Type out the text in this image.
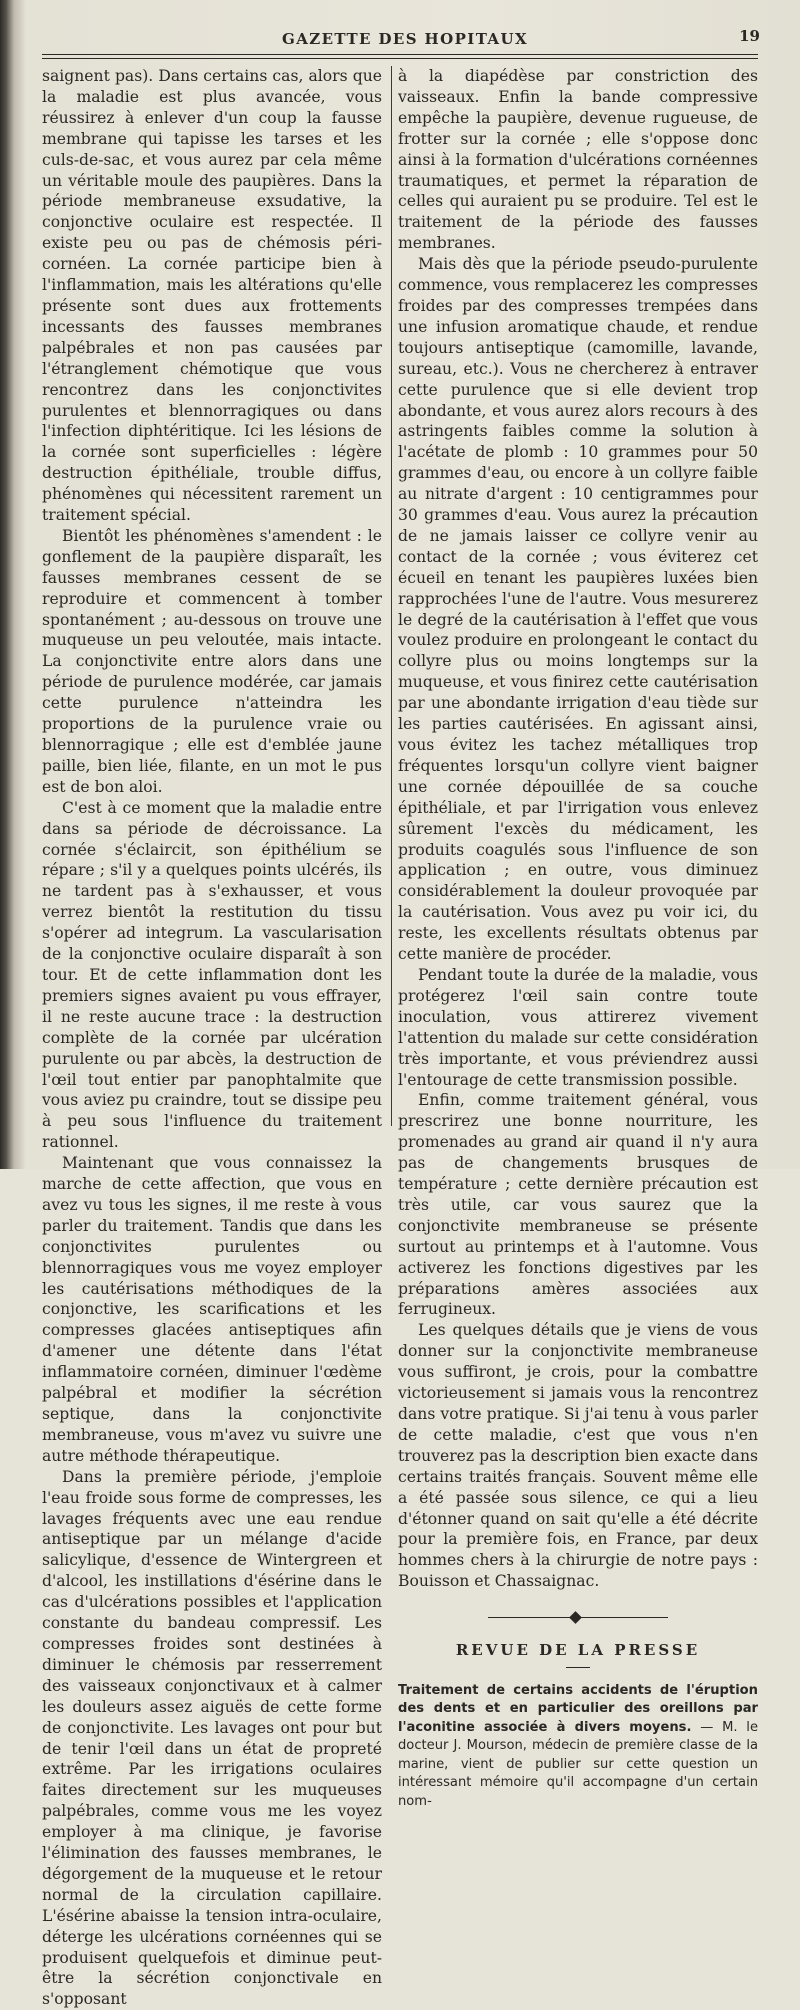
GAZETTE DES HOPITAUX	19

saignent pas). Dans certains cas, alors que la maladie est plus avancée, vous réussirez à enlever d'un coup la fausse membrane qui tapisse les tarses et les culs-de-sac, et vous aurez par cela même un véritable moule des paupières. Dans la période membraneuse exsudative, la conjonctive oculaire est respectée. Il existe peu ou pas de chémosis péri-cornéen. La cornée participe bien à l'inflammation, mais les altérations qu'elle présente sont dues aux frottements incessants des fausses membranes palpébrales et non pas causées par l'étranglement chémotique que vous rencontrez dans les conjonctivites purulentes et blennorragiques ou dans l'infection diphtéritique. Ici les lésions de la cornée sont superficielles : légère destruction épithéliale, trouble diffus, phénomènes qui nécessitent rarement un traitement spécial.

Bientôt les phénomènes s'amendent : le gonflement de la paupière disparaît, les fausses membranes cessent de se reproduire et commencent à tomber spontanément ; au-dessous on trouve une muqueuse un peu veloutée, mais intacte. La conjonctivite entre alors dans une période de purulence modérée, car jamais cette purulence n'atteindra les proportions de la purulence vraie ou blennorragique ; elle est d'emblée jaune paille, bien liée, filante, en un mot le pus est de bon aloi.

C'est à ce moment que la maladie entre dans sa période de décroissance. La cornée s'éclaircit, son épithélium se répare ; s'il y a quelques points ulcérés, ils ne tardent pas à s'exhausser, et vous verrez bientôt la restitution du tissu s'opérer ad integrum. La vascularisation de la conjonctive oculaire disparaît à son tour. Et de cette inflammation dont les premiers signes avaient pu vous effrayer, il ne reste aucune trace : la destruction complète de la cornée par ulcération purulente ou par abcès, la destruction de l'œil tout entier par panophtalmite que vous aviez pu craindre, tout se dissipe peu à peu sous l'influence du traitement rationnel.

Maintenant que vous connaissez la marche de cette affection, que vous en avez vu tous les signes, il me reste à vous parler du traitement. Tandis que dans les conjonctivites purulentes ou blennorragiques vous me voyez employer les cautérisations méthodiques de la conjonctive, les scarifications et les compresses glacées antiseptiques afin d'amener une détente dans l'état inflammatoire cornéen, diminuer l'œdème palpébral et modifier la sécrétion septique, dans la conjonctivite membraneuse, vous m'avez vu suivre une autre méthode thérapeutique.

Dans la première période, j'emploie l'eau froide sous forme de compresses, les lavages fréquents avec une eau rendue antiseptique par un mélange d'acide salicylique, d'essence de Wintergreen et d'alcool, les instillations d'ésérine dans le cas d'ulcérations possibles et l'application constante du bandeau compressif. Les compresses froides sont destinées à diminuer le chémosis par resserrement des vaisseaux conjonctivaux et à calmer les douleurs assez aiguës de cette forme de conjonctivite. Les lavages ont pour but de tenir l'œil dans un état de propreté extrême. Par les irrigations oculaires faites directement sur les muqueuses palpébrales, comme vous me les voyez employer à ma clinique, je favorise l'élimination des fausses membranes, le dégorgement de la muqueuse et le retour normal de la circulation capillaire. L'ésérine abaisse la tension intra-oculaire, déterge les ulcérations cornéennes qui se produisent quelquefois et diminue peut-être la sécrétion conjonctivale en s'opposant

à la diapédèse par constriction des vaisseaux. Enfin la bande compressive empêche la paupière, devenue rugueuse, de frotter sur la cornée ; elle s'oppose donc ainsi à la formation d'ulcérations cornéennes traumatiques, et permet la réparation de celles qui auraient pu se produire. Tel est le traitement de la période des fausses membranes.

Mais dès que la période pseudo-purulente commence, vous remplacerez les compresses froides par des compresses trempées dans une infusion aromatique chaude, et rendue toujours antiseptique (camomille, lavande, sureau, etc.). Vous ne chercherez à entraver cette purulence que si elle devient trop abondante, et vous aurez alors recours à des astringents faibles comme la solution à l'acétate de plomb : 10 grammes pour 50 grammes d'eau, ou encore à un collyre faible au nitrate d'argent : 10 centigrammes pour 30 grammes d'eau. Vous aurez la précaution de ne jamais laisser ce collyre venir au contact de la cornée ; vous éviterez cet écueil en tenant les paupières luxées bien rapprochées l'une de l'autre. Vous mesurerez le degré de la cautérisation à l'effet que vous voulez produire en prolongeant le contact du collyre plus ou moins longtemps sur la muqueuse, et vous finirez cette cautérisation par une abondante irrigation d'eau tiède sur les parties cautérisées. En agissant ainsi, vous évitez les tachez métalliques trop fréquentes lorsqu'un collyre vient baigner une cornée dépouillée de sa couche épithéliale, et par l'irrigation vous enlevez sûrement l'excès du médicament, les produits coagulés sous l'influence de son application ; en outre, vous diminuez considérablement la douleur provoquée par la cautérisation. Vous avez pu voir ici, du reste, les excellents résultats obtenus par cette manière de procéder.

Pendant toute la durée de la maladie, vous protégerez l'œil sain contre toute inoculation, vous attirerez vivement l'attention du malade sur cette considération très importante, et vous préviendrez aussi l'entourage de cette transmission possible.

Enfin, comme traitement général, vous prescrirez une bonne nourriture, les promenades au grand air quand il n'y aura pas de changements brusques de température ; cette dernière précaution est très utile, car vous saurez que la conjonctivite membraneuse se présente surtout au printemps et à l'automne. Vous activerez les fonctions digestives par les préparations amères associées aux ferrugineux.

Les quelques détails que je viens de vous donner sur la conjonctivite membraneuse vous suffiront, je crois, pour la combattre victorieusement si jamais vous la rencontrez dans votre pratique. Si j'ai tenu à vous parler de cette maladie, c'est que vous n'en trouverez pas la description bien exacte dans certains traités français. Souvent même elle a été passée sous silence, ce qui a lieu d'étonner quand on sait qu'elle a été décrite pour la première fois, en France, par deux hommes chers à la chirurgie de notre pays : Bouisson et Chassaignac.

REVUE DE LA PRESSE

Traitement de certains accidents de l'éruption des dents et en particulier des oreillons par l'aconitine associée à divers moyens. — M. le docteur J. Mourson, médecin de première classe de la marine, vient de publier sur cette question un intéressant mémoire qu'il accompagne d'un certain nom-
